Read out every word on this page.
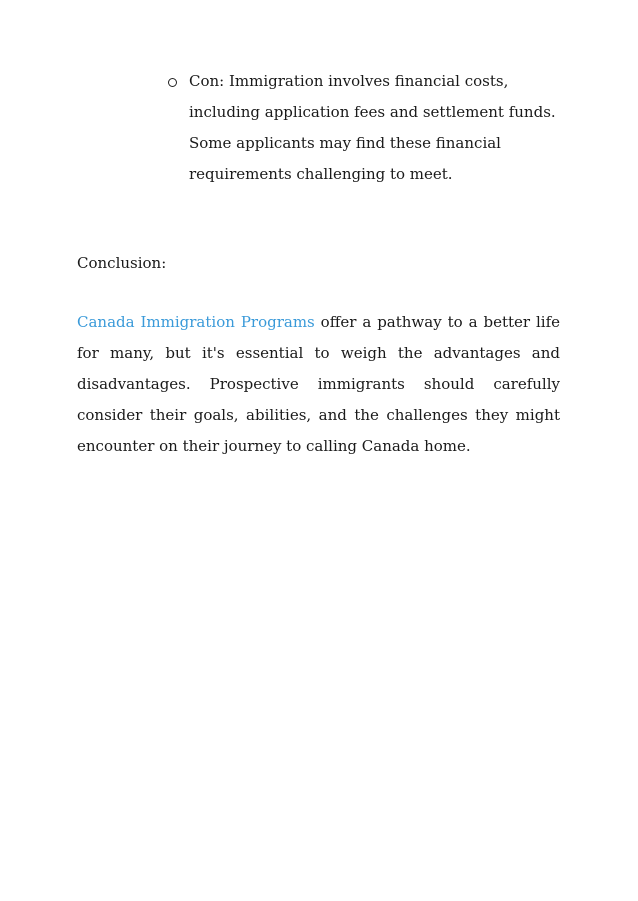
Con: Immigration involves financial costs, including application fees and settlement funds. Some applicants may find these financial requirements challenging to meet.
Conclusion:

Canada Immigration Programs offer a pathway to a better life for many, but it's essential to weigh the advantages and disadvantages. Prospective immigrants should carefully consider their goals, abilities, and the challenges they might encounter on their journey to calling Canada home.
